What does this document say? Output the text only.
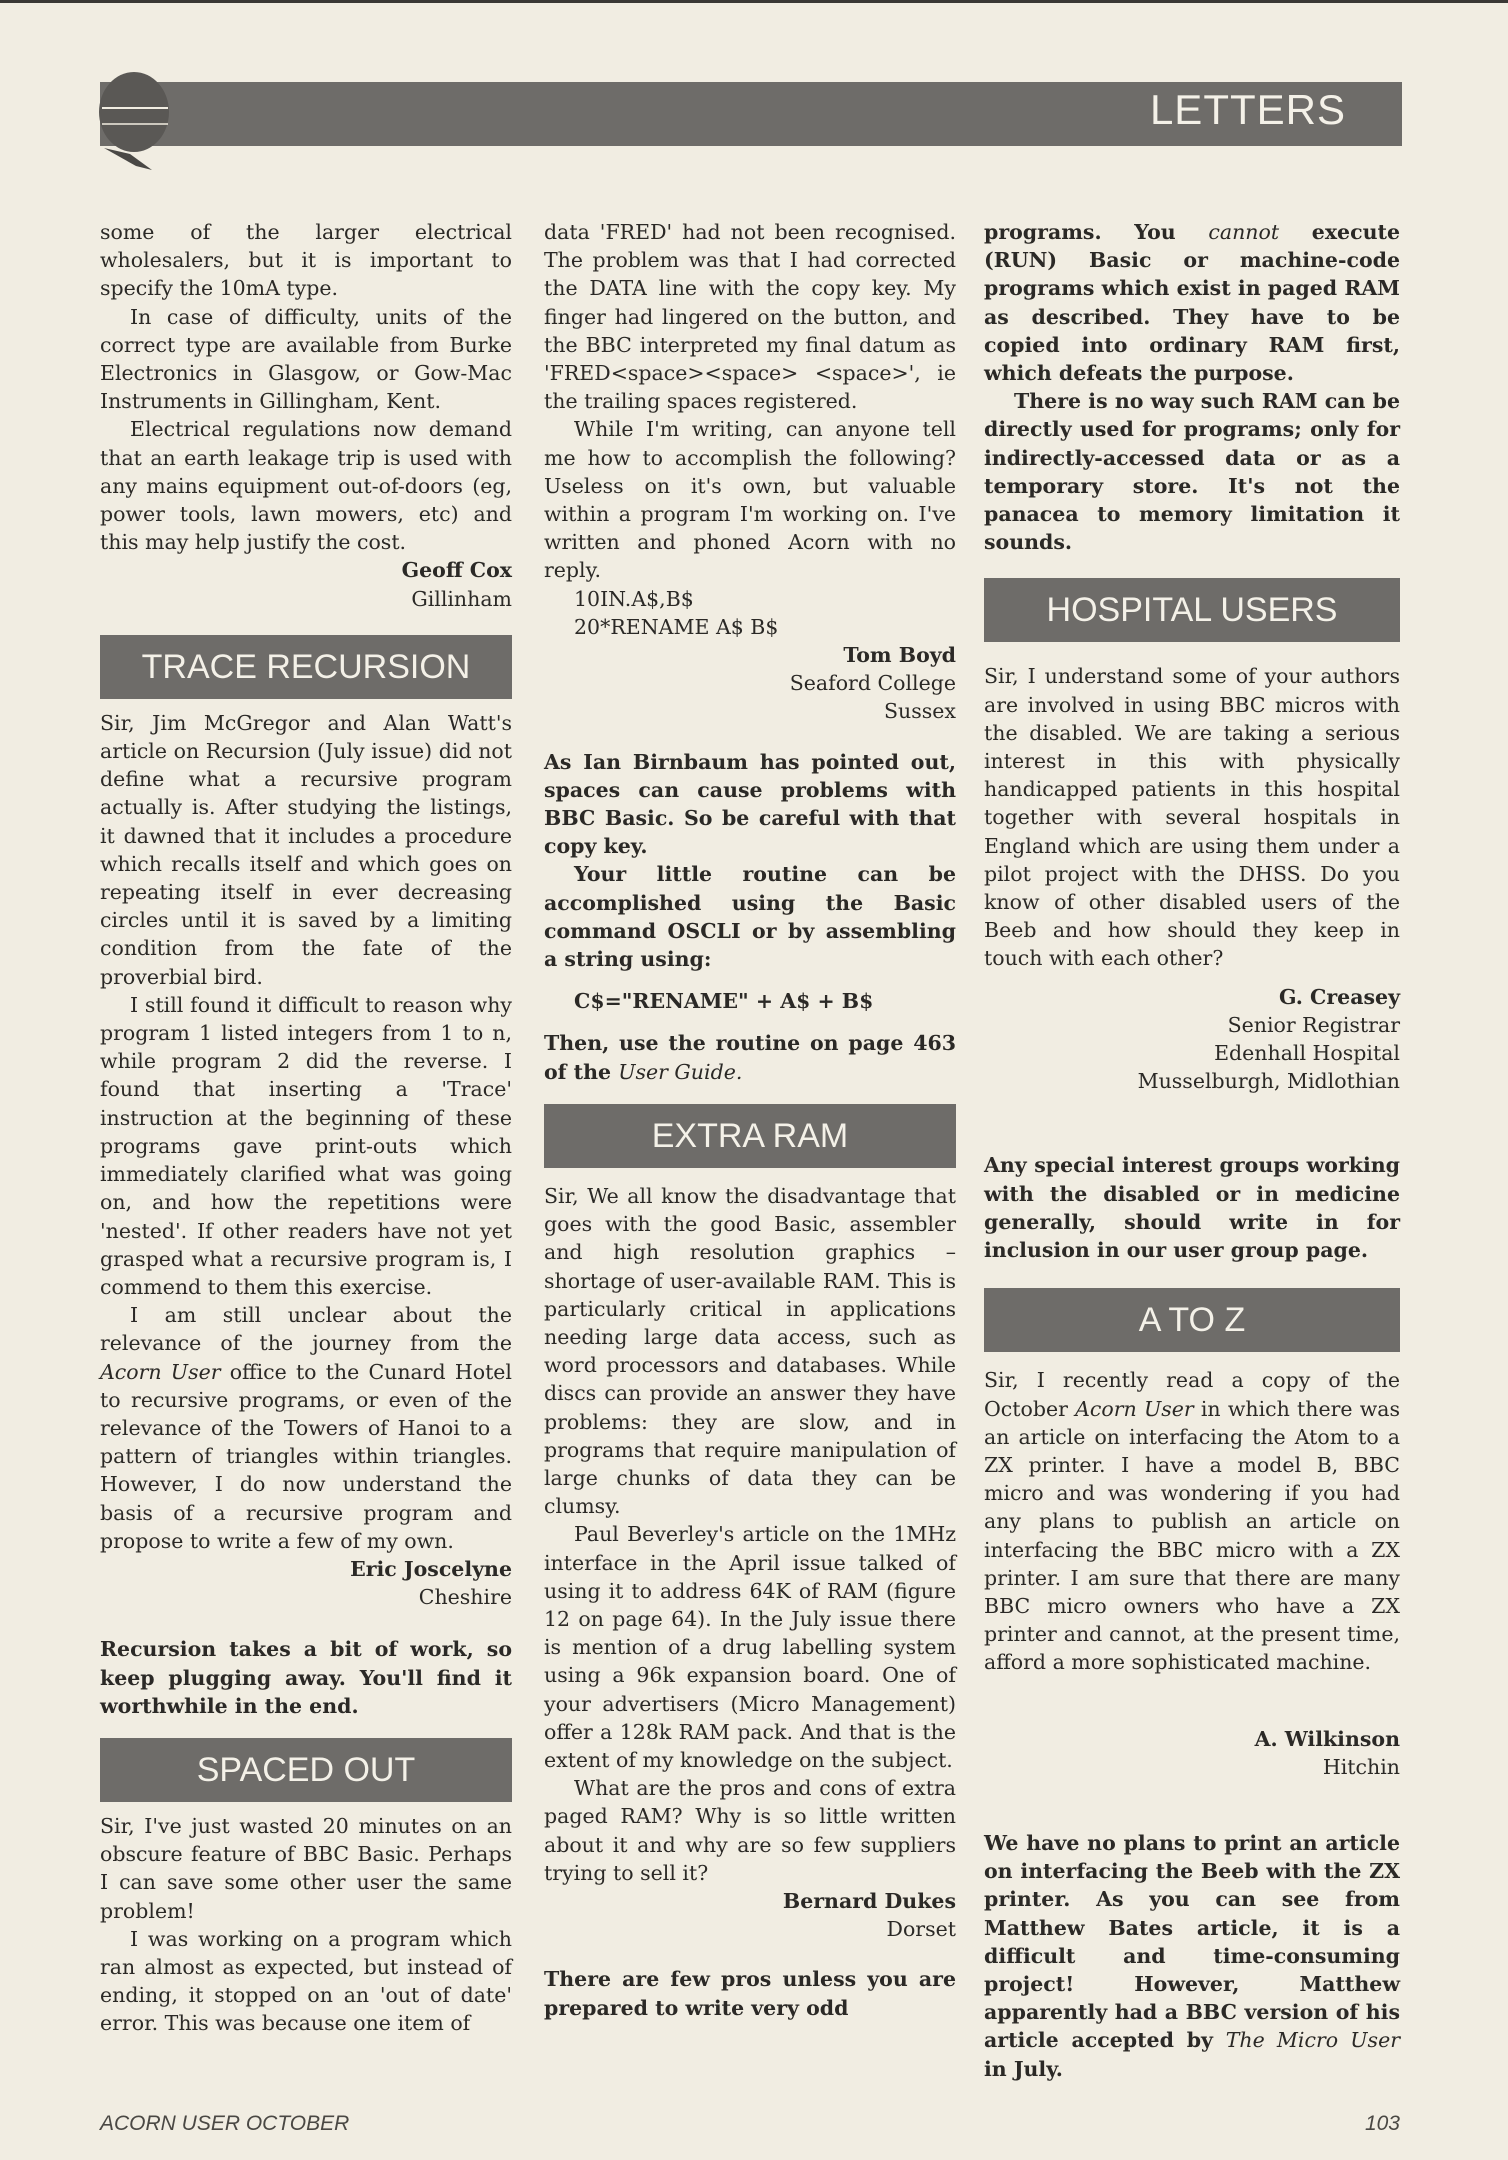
LETTERS

some of the larger electrical wholesalers, but it is important to specify the 10mA type.

In case of difficulty, units of the correct type are available from Burke Electronics in Glasgow, or Gow-Mac Instruments in Gillingham, Kent.

Electrical regulations now demand that an earth leakage trip is used with any mains equipment out-of-doors (eg, power tools, lawn mowers, etc) and this may help justify the cost.

Geoff Cox
Gillinham
TRACE RECURSION

Sir, Jim McGregor and Alan Watt's article on Recursion (July issue) did not define what a recursive program actually is. After studying the listings, it dawned that it includes a procedure which recalls itself and which goes on repeating itself in ever decreasing circles until it is saved by a limiting condition from the fate of the proverbial bird.

I still found it difficult to reason why program 1 listed integers from 1 to n, while program 2 did the reverse. I found that inserting a 'Trace' instruction at the beginning of these programs gave print-outs which immediately clarified what was going on, and how the repetitions were 'nested'. If other readers have not yet grasped what a recursive program is, I commend to them this exercise.

I am still unclear about the relevance of the journey from the Acorn User office to the Cunard Hotel to recursive programs, or even of the relevance of the Towers of Hanoi to a pattern of triangles within triangles. However, I do now understand the basis of a recursive program and propose to write a few of my own.

Eric Joscelyne
Cheshire

Recursion takes a bit of work, so keep plugging away. You'll find it worthwhile in the end.

SPACED OUT

Sir, I've just wasted 20 minutes on an obscure feature of BBC Basic. Perhaps I can save some other user the same problem!

I was working on a program which ran almost as expected, but instead of ending, it stopped on an 'out of date' error. This was because one item of

data 'FRED' had not been recognised. The problem was that I had corrected the DATA line with the copy key. My finger had lingered on the button, and the BBC interpreted my final datum as 'FRED<space><space> <space>', ie the trailing spaces registered.

While I'm writing, can anyone tell me how to accomplish the following? Useless on it's own, but valuable within a program I'm working on. I've written and phoned Acorn with no reply.

10IN.A$,B$
20*RENAME A$ B$
Tom Boyd
Seaford College
Sussex

As Ian Birnbaum has pointed out, spaces can cause problems with BBC Basic. So be careful with that copy key.

Your little routine can be accomplished using the Basic command OSCLI or by assembling a string using:

C$="RENAME" + A$ + B$

Then, use the routine on page 463 of the User Guide.

EXTRA RAM

Sir, We all know the disadvantage that goes with the good Basic, assembler and high resolution graphics – shortage of user-available RAM. This is particularly critical in applications needing large data access, such as word processors and databases. While discs can provide an answer they have problems: they are slow, and in programs that require manipulation of large chunks of data they can be clumsy.

Paul Beverley's article on the 1MHz interface in the April issue talked of using it to address 64K of RAM (figure 12 on page 64). In the July issue there is mention of a drug labelling system using a 96k expansion board. One of your advertisers (Micro Management) offer a 128k RAM pack. And that is the extent of my knowledge on the subject.

What are the pros and cons of extra paged RAM? Why is so little written about it and why are so few suppliers trying to sell it?

Bernard Dukes
Dorset

There are few pros unless you are prepared to write very odd

programs. You cannot execute (RUN) Basic or machine-code programs which exist in paged RAM as described. They have to be copied into ordinary RAM first, which defeats the purpose.

There is no way such RAM can be directly used for programs; only for indirectly-accessed data or as a temporary store. It's not the panacea to memory limitation it sounds.

HOSPITAL USERS

Sir, I understand some of your authors are involved in using BBC micros with the disabled. We are taking a serious interest in this with physically handicapped patients in this hospital together with several hospitals in England which are using them under a pilot project with the DHSS. Do you know of other disabled users of the Beeb and how should they keep in touch with each other?

G. Creasey
Senior Registrar
Edenhall Hospital
Musselburgh, Midlothian

Any special interest groups working with the disabled or in medicine generally, should write in for inclusion in our user group page.

A TO Z

Sir, I recently read a copy of the October Acorn User in which there was an article on interfacing the Atom to a ZX printer. I have a model B, BBC micro and was wondering if you had any plans to publish an article on interfacing the BBC micro with a ZX printer. I am sure that there are many BBC micro owners who have a ZX printer and cannot, at the present time, afford a more sophisticated machine.

A. Wilkinson
Hitchin

We have no plans to print an article on interfacing the Beeb with the ZX printer. As you can see from Matthew Bates article, it is a difficult and time-consuming project! However, Matthew apparently had a BBC version of his article accepted by The Micro User in July.

ACORN USER OCTOBER	103
